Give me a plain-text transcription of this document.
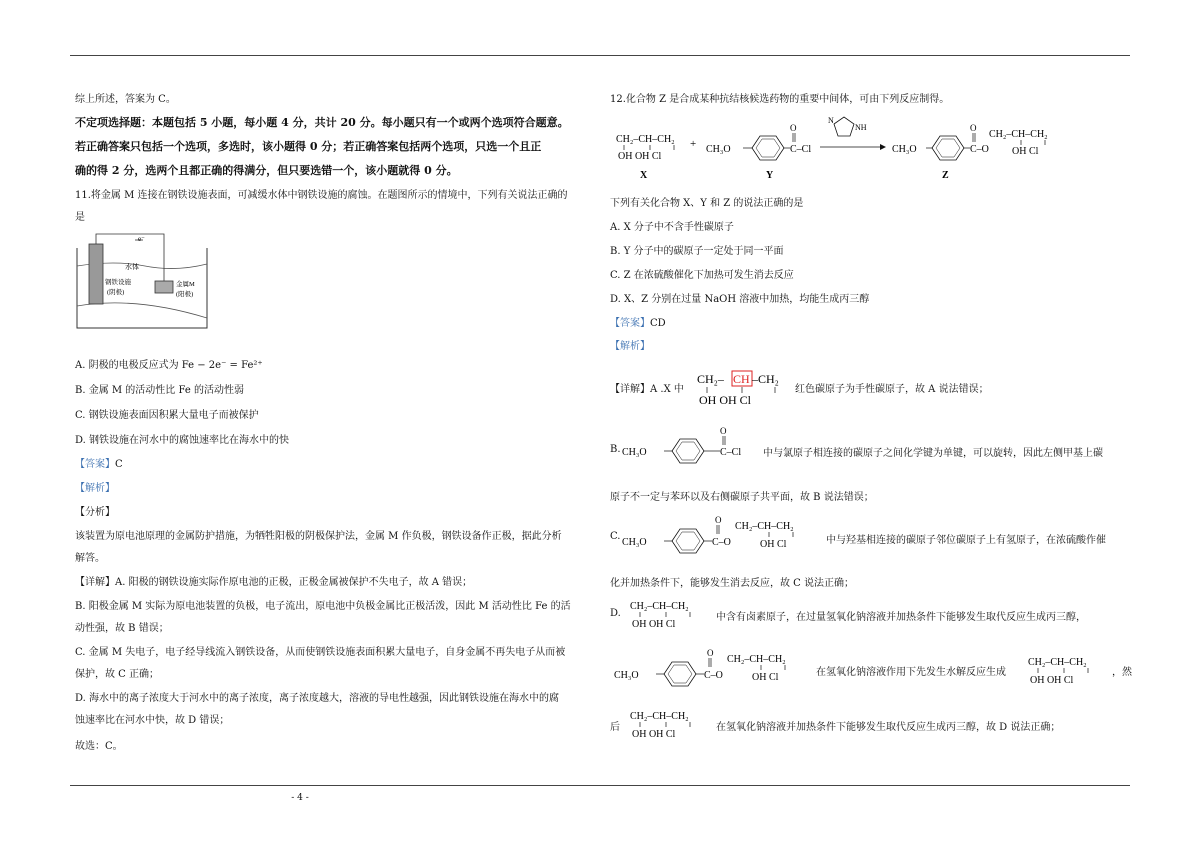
综上所述，答案为 C。
不定项选择题：本题包括 5 小题，每小题 4 分，共计 20 分。每小题只有一个或两个选项符合题意。
若正确答案只包括一个选项，多选时，该小题得 0 分；若正确答案包括两个选项，只选一个且正
确的得 2 分，选两个且都正确的得满分，但只要选错一个，该小题就得 0 分。
11.将金属 M 连接在钢铁设施表面，可减缓水体中钢铁设施的腐蚀。在题图所示的情境中，下列有关说法正确的
是
e⁻
水体
钢铁设施
(阴极)
金属M
(阳极)
A. 阴极的电极反应式为 Fe − 2e⁻ = Fe²⁺
B. 金属 M 的活动性比 Fe 的活动性弱
C. 钢铁设施表面因积累大量电子而被保护
D. 钢铁设施在河水中的腐蚀速率比在海水中的快
【答案】C
【解析】
【分析】
该装置为原电池原理的金属防护措施，为牺牲阳极的阴极保护法，金属 M 作负极，钢铁设备作正极，据此分析
解答。
【详解】A. 阳极的钢铁设施实际作原电池的正极，正极金属被保护不失电子，故 A 错误；
B. 阳极金属 M 实际为原电池装置的负极，电子流出，原电池中负极金属比正极活泼，因此 M 活动性比 Fe 的活
动性强，故 B 错误；
C. 金属 M 失电子，电子经导线流入钢铁设备，从而使钢铁设施表面积累大量电子，自身金属不再失电子从而被
保护，故 C 正确；
D. 海水中的离子浓度大于河水中的离子浓度，离子浓度越大，溶液的导电性越强，因此钢铁设施在海水中的腐
蚀速率比在河水中快，故 D 错误；
故选：C。
12.化合物 Z 是合成某种抗结核候选药物的重要中间体，可由下列反应制得。
CH₂–CH–CH₂
OH OH Cl
X
+ CH₃O	C–Cl
O
Y
N
NH
CH₃O	C–O
O
CH₂–CH–CH₂
OH Cl
Z
下列有关化合物 X、Y 和 Z 的说法正确的是
A. X 分子中不含手性碳原子
B. Y 分子中的碳原子一定处于同一平面
C. Z 在浓硫酸催化下加热可发生消去反应
D. X、Z 分别在过量 NaOH 溶液中加热，均能生成丙三醇
【答案】CD
【解析】
【详解】A .X 中
CH₂– CH –CH₂
OH OH Cl
红色碳原子为手性碳原子，故 A 说法错误；
B. CH₃O	C–Cl
O
中与氯原子相连接的碳原子之间化学键为单键，可以旋转，因此左侧甲基上碳
原子不一定与苯环以及右侧碳原子共平面，故 B 说法错误；
C.
CH₃O	C–O
O
CH₂–CH–CH₂
OH Cl	中与羟基相连接的碳原子邻位碳原子上有氢原子，在浓硫酸作催
化并加热条件下，能够发生消去反应，故 C 说法正确；
D.
CH₂–CH–CH₂
OH OH Cl
中含有卤素原子，在过量氢氧化钠溶液并加热条件下能够发生取代反应生成丙三醇，
CH₃O	C–O
O
CH₂–CH–CH₂
OH Cl	在氢氧化钠溶液作用下先发生水解反应生成
CH₂–CH–CH₂
OH OH Cl
，然
后
CH₂–CH–CH₂
OH OH Cl
在氢氧化钠溶液并加热条件下能够发生取代反应生成丙三醇，故 D 说法正确；
- 4 -
